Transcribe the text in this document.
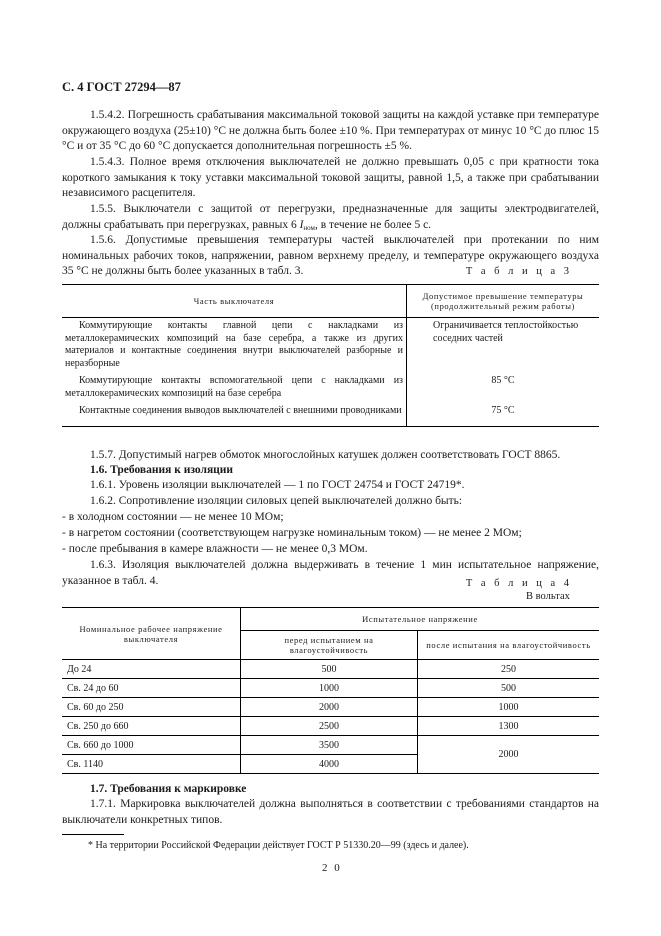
С. 4 ГОСТ 27294—87
1.5.4.2. Погрешность срабатывания максимальной токовой защиты на каждой уставке при температуре окружающего воздуха (25±10) °С не должна быть более ±10 %. При температурах от минус 10 °С до плюс 15 °С и от 35 °С до 60 °С допускается дополнительная погрешность ±5 %.
1.5.4.3. Полное время отключения выключателей не должно превышать 0,05 с при кратности тока короткого замыкания к току уставки максимальной токовой защиты, равной 1,5, а также при срабатывании независимого расцепителя.
1.5.5. Выключатели с защитой от перегрузки, предназначенные для защиты электродвигателей, должны срабатывать при перегрузках, равных 6 $I_{ном}$, в течение не более 5 с.
1.5.6. Допустимые превышения температуры частей выключателей при протекании по ним номинальных рабочих токов, напряжении, равном верхнему пределу, и температуре окружающего воздуха 35 °С не должны быть более указанных в табл. 3.	Т а б л и ц а 3
Часть выключателя	Допустимое превышение температуры (продолжительный режим работы)

Коммутирующие контакты главной цепи с накладками из металлокерамических композиций на базе серебра, а также из других материалов и контактные соединения внутри выключателей разборные и неразборные	Ограничивается теплостойкостью соседних частей

Коммутирующие контакты вспомогательной цепи с накладками из металлокерамических композиций на базе серебра	85 °С

Контактные соединения выводов выключателей с внешними проводниками	75 °С
1.5.7. Допустимый нагрев обмоток многослойных катушек должен соответствовать ГОСТ 8865.
1.6. Требования к изоляции
1.6.1. Уровень изоляции выключателей — 1 по ГОСТ 24754 и ГОСТ 24719*.
1.6.2. Сопротивление изоляции силовых цепей выключателей должно быть:
- в холодном состоянии — не менее 10 МОм;
- в нагретом состоянии (соответствующем нагрузке номинальным током) — не менее 2 МОм;
- после пребывания в камере влажности — не менее 0,3 МОм.
1.6.3. Изоляция выключателей должна выдерживать в течение 1 мин испытательное напряжение, указанное в табл. 4.	Т а б л и ц а 4
В вольтах
Номинальное рабочее напряжение выключателя	Испытательное напряжение	
	перед испытанием на влагоустойчивость	после испытания на влагоустойчивость
До 24	500	250
Св. 24 до 60	1000	500
Св. 60 до 250	2000	1000
Св. 250 до 660	2500	1300
Св. 660 до 1000	3500	2000
Св. 1140	4000	
1.7. Требования к маркировке
1.7.1. Маркировка выключателей должна выполняться в соответствии с требованиями стандартов на выключатели конкретных типов.
* На территории Российской Федерации действует ГОСТ Р 51330.20—99 (здесь и далее).
2 0
